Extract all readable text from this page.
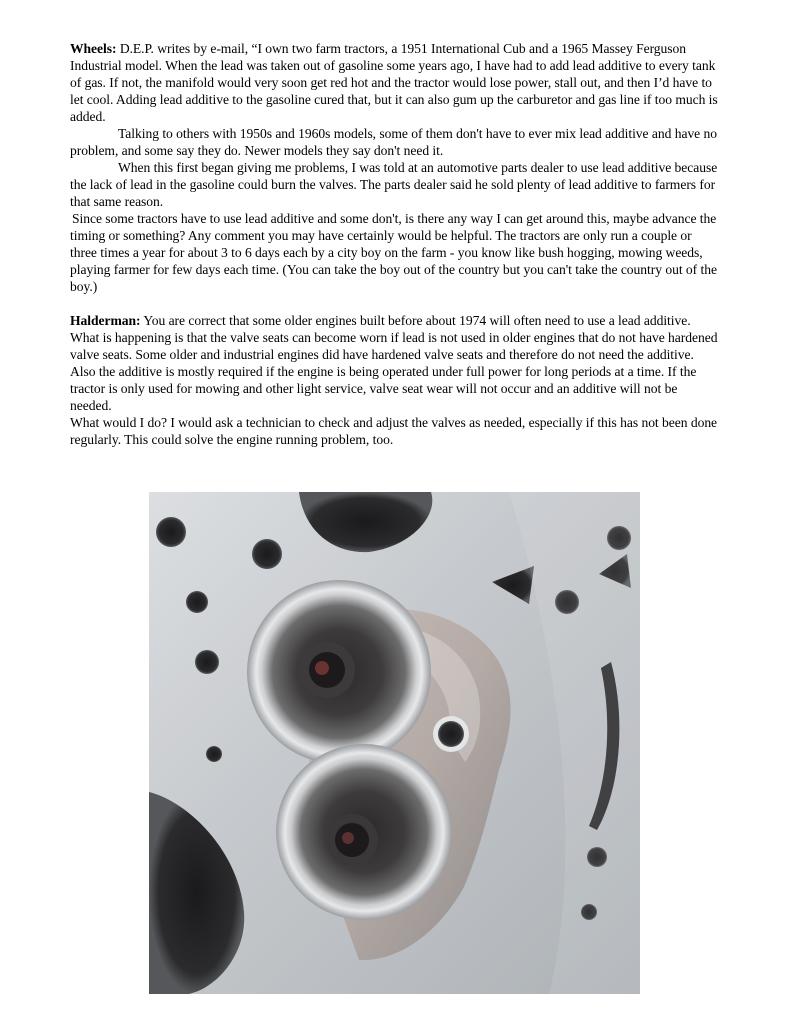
Wheels: D.E.P. writes by e-mail, “I own two farm tractors, a 1951 International Cub and a 1965 Massey Ferguson Industrial model. When the lead was taken out of gasoline some years ago, I have had to add lead additive to every tank of gas. If not, the manifold would very soon get red hot and the tractor would lose power, stall out, and then I’d have to let cool. Adding lead additive to the gasoline cured that, but it can also gum up the carburetor and gas line if too much is added.

Talking to others with 1950s and 1960s models, some of them don't have to ever mix lead additive and have no problem, and some say they do. Newer models they say don't need it.

When this first began giving me problems, I was told at an automotive parts dealer to use lead additive because the lack of lead in the gasoline could burn the valves. The parts dealer said he sold plenty of lead additive to farmers for that same reason.

Since some tractors have to use lead additive and some don't, is there any way I can get around this, maybe advance the timing or something? Any comment you may have certainly would be helpful. The tractors are only run a couple or three times a year for about 3 to 6 days each by a city boy on the farm - you know like bush hogging, mowing weeds, playing farmer for few days each time. (You can take the boy out of the country but you can't take the country out of the boy.)

Halderman: You are correct that some older engines built before about 1974 will often need to use a lead additive. What is happening is that the valve seats can become worn if lead is not used in older engines that do not have hardened valve seats. Some older and industrial engines did have hardened valve seats and therefore do not need the additive. Also the additive is mostly required if the engine is being operated under full power for long periods at a time. If the tractor is only used for mowing and other light service, valve seat wear will not occur and an additive will not be needed.

What would I do? I would ask a technician to check and adjust the valves as needed, especially if this has not been done regularly. This could solve the engine running problem, too.
